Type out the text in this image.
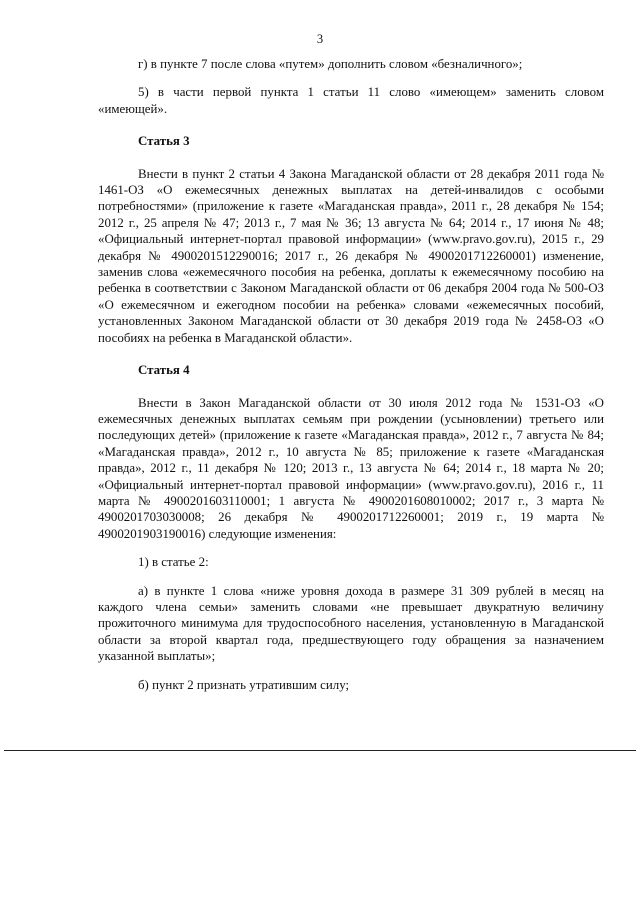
3

г) в пункте 7 после слова «путем» дополнить словом «безналичного»;

5) в части первой пункта 1 статьи 11 слово «имеющем» заменить словом «имеющей».

Статья 3

Внести в пункт 2 статьи 4 Закона Магаданской области от 28 декабря 2011 года № 1461-ОЗ «О ежемесячных денежных выплатах на детей-инвалидов с особыми потребностями» (приложение к газете «Магаданская правда», 2011 г., 28 декабря № 154; 2012 г., 25 апреля № 47; 2013 г., 7 мая № 36; 13 августа № 64; 2014 г., 17 июня № 48; «Официальный интернет-портал правовой информации» (www.pravo.gov.ru), 2015 г., 29 декабря № 4900201512290016; 2017 г., 26 декабря № 4900201712260001) изменение, заменив слова «ежемесячного пособия на ребенка, доплаты к ежемесячному пособию на ребенка в соответствии с Законом Магаданской области от 06 декабря 2004 года № 500-ОЗ «О ежемесячном и ежегодном пособии на ребенка» словами «ежемесячных пособий, установленных Законом Магаданской области от 30 декабря 2019 года № 2458-ОЗ «О пособиях на ребенка в Магаданской области».

Статья 4

Внести в Закон Магаданской области от 30 июля 2012 года № 1531-ОЗ «О ежемесячных денежных выплатах семьям при рождении (усыновлении) третьего или последующих детей» (приложение к газете «Магаданская правда», 2012 г., 7 августа № 84; «Магаданская правда», 2012 г., 10 августа № 85; приложение к газете «Магаданская правда», 2012 г., 11 декабря № 120; 2013 г., 13 августа № 64; 2014 г., 18 марта № 20; «Официальный интернет-портал правовой информации» (www.pravo.gov.ru), 2016 г., 11 марта № 4900201603110001; 1 августа № 4900201608010002; 2017 г., 3 марта № 4900201703030008; 26 декабря № 4900201712260001; 2019 г., 19 марта № 4900201903190016) следующие изменения:

1) в статье 2:

а) в пункте 1 слова «ниже уровня дохода в размере 31 309 рублей в месяц на каждого члена семьи» заменить словами «не превышает двукратную величину прожиточного минимума для трудоспособного населения, установленную в Магаданской области за второй квартал года, предшествующего году обращения за назначением указанной выплаты»;

б) пункт 2 признать утратившим силу;
